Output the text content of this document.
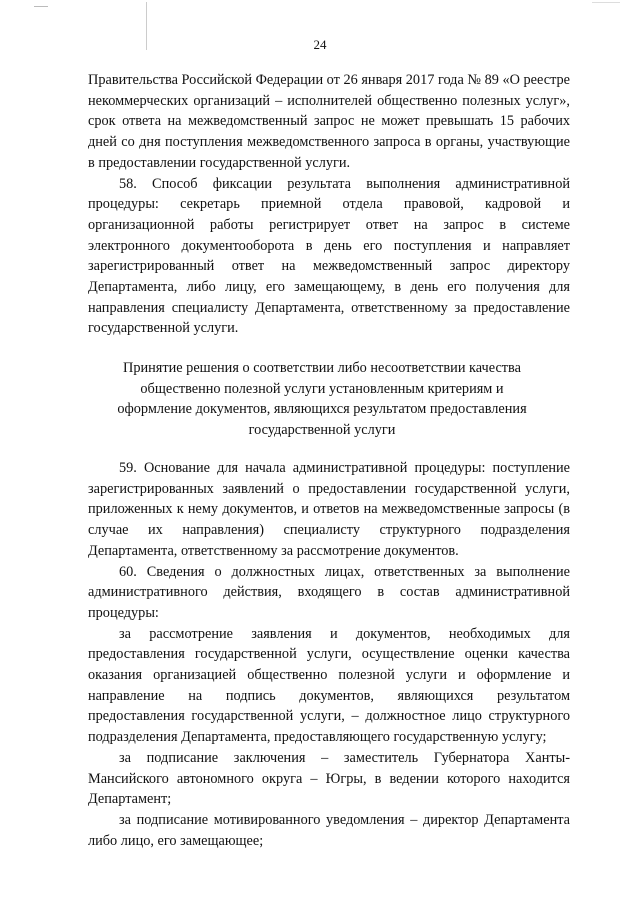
24

Правительства Российской Федерации от 26 января 2017 года № 89 «О реестре некоммерческих организаций – исполнителей общественно полезных услуг», срок ответа на межведомственный запрос не может превышать 15 рабочих дней со дня поступления межведомственного запроса в органы, участвующие в предоставлении государственной услуги.

58. Способ фиксации результата выполнения административной процедуры: секретарь приемной отдела правовой, кадровой и организационной работы регистрирует ответ на запрос в системе электронного документооборота в день его поступления и направляет зарегистрированный ответ на межведомственный запрос директору Департамента, либо лицу, его замещающему, в день его получения для направления специалисту Департамента, ответственному за предоставление государственной услуги.

Принятие решения о соответствии либо несоответствии качества общественно полезной услуги установленным критериям и оформление документов, являющихся результатом предоставления государственной услуги

59. Основание для начала административной процедуры: поступление зарегистрированных заявлений о предоставлении государственной услуги, приложенных к нему документов, и ответов на межведомственные запросы (в случае их направления) специалисту структурного подразделения Департамента, ответственному за рассмотрение документов.

60. Сведения о должностных лицах, ответственных за выполнение административного действия, входящего в состав административной процедуры:

за рассмотрение заявления и документов, необходимых для предоставления государственной услуги, осуществление оценки качества оказания организацией общественно полезной услуги и оформление и направление на подпись документов, являющихся результатом предоставления государственной услуги, – должностное лицо структурного подразделения Департамента, предоставляющего государственную услугу;

за подписание заключения – заместитель Губернатора Ханты-Мансийского автономного округа – Югры, в ведении которого находится Департамент;

за подписание мотивированного уведомления – директор Департамента либо лицо, его замещающее;
